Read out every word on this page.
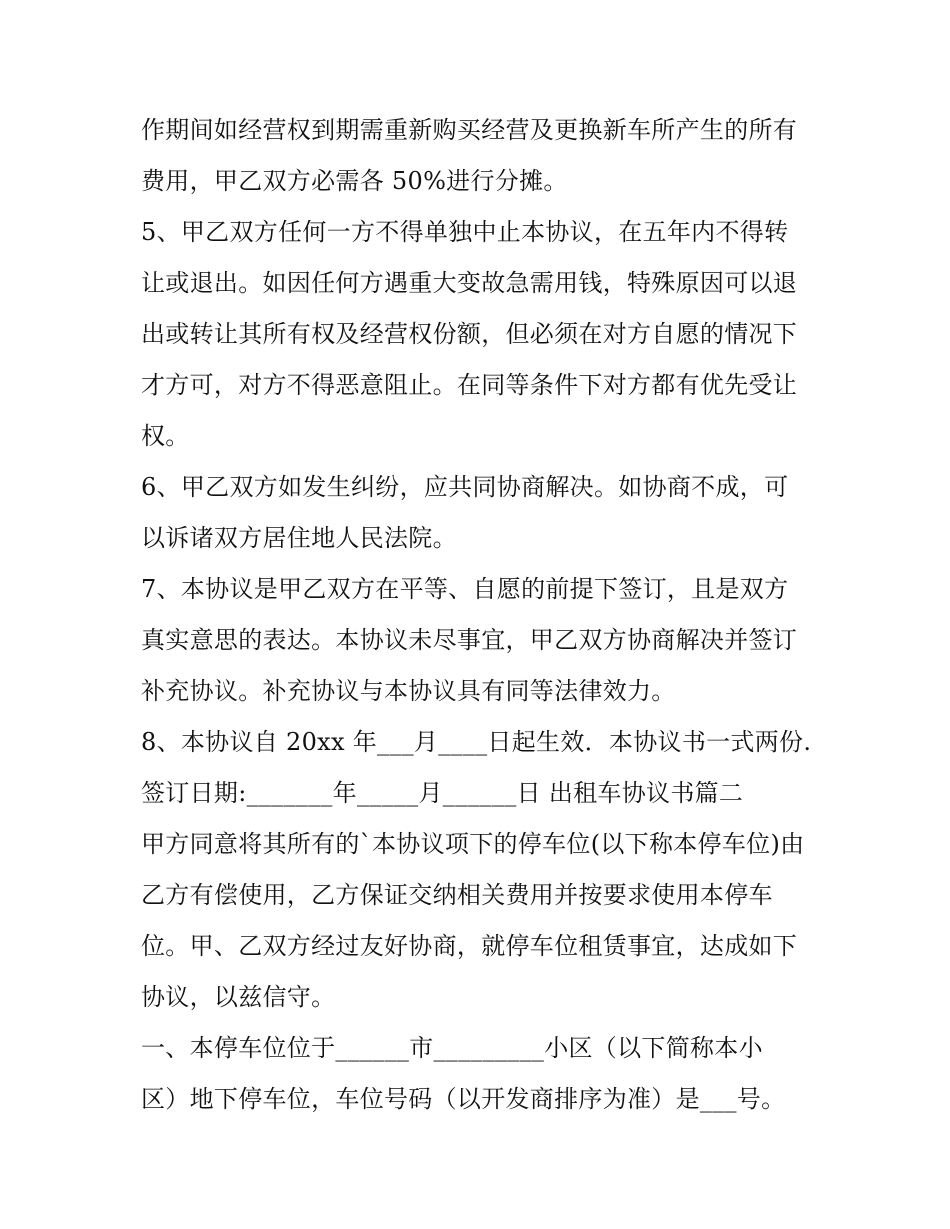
作期间如经营权到期需重新购买经营及更换新车所产生的所有
费用，甲乙双方必需各 50%进行分摊。
5、甲乙双方任何一方不得单独中止本协议，在五年内不得转
让或退出。如因任何方遇重大变故急需用钱，特殊原因可以退
出或转让其所有权及经营权份额，但必须在对方自愿的情况下
才方可，对方不得恶意阻止。在同等条件下对方都有优先受让
权。
6、甲乙双方如发生纠纷，应共同协商解决。如协商不成，可
以诉诸双方居住地人民法院。
7、本协议是甲乙双方在平等、自愿的前提下签订，且是双方
真实意思的表达。本协议未尽事宜，甲乙双方协商解决并签订
补充协议。补充协议与本协议具有同等法律效力。
8、本协议自 20xx 年___月____日起生效．本协议书一式两份.
签订日期:_______年_____月______日 出租车协议书篇二
甲方同意将其所有的`本协议项下的停车位(以下称本停车位)由
乙方有偿使用，乙方保证交纳相关费用并按要求使用本停车
位。甲、乙双方经过友好协商，就停车位租赁事宜，达成如下
协议，以兹信守。
一、本停车位位于______市_________小区（以下简称本小
区）地下停车位，车位号码（以开发商排序为准）是___号。
